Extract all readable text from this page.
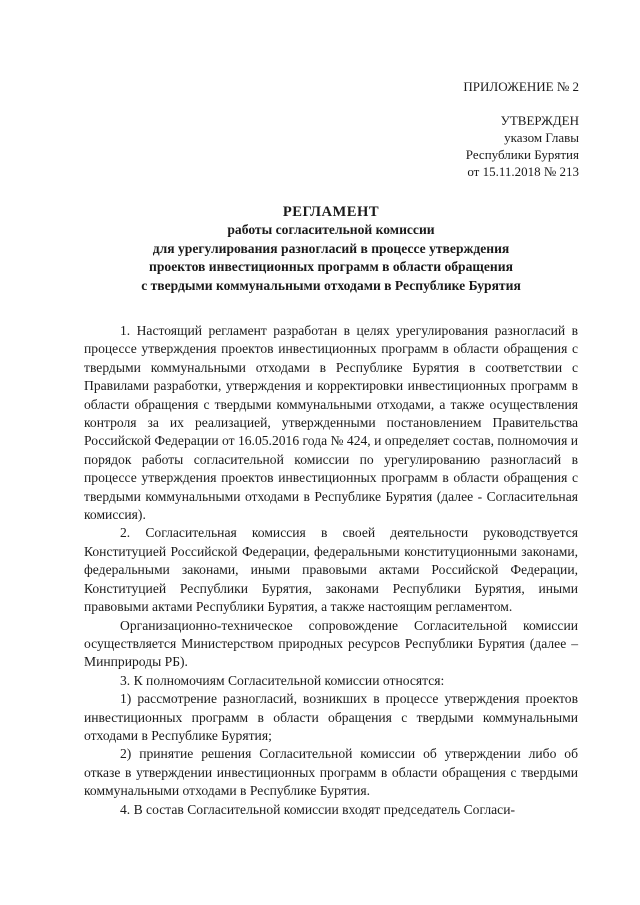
ПРИЛОЖЕНИЕ № 2
УТВЕРЖДЕН
указом Главы
Республики Бурятия
от 15.11.2018 № 213
РЕГЛАМЕНТ
работы согласительной комиссии
для урегулирования разногласий в процессе утверждения
проектов инвестиционных программ в области обращения
с твердыми коммунальными отходами в Республике Бурятия

1. Настоящий регламент разработан в целях урегулирования разногласий в процессе утверждения проектов инвестиционных программ в области обращения с твердыми коммунальными отходами в Республике Бурятия в соответствии с Правилами разработки, утверждения и корректировки инвестиционных программ в области обращения с твердыми коммунальными отходами, а также осуществления контроля за их реализацией, утвержденными постановлением Правительства Российской Федерации от 16.05.2016 года № 424, и определяет состав, полномочия и порядок работы согласительной комиссии по урегулированию разногласий в процессе утверждения проектов инвестиционных программ в области обращения с твердыми коммунальными отходами в Республике Бурятия (далее - Согласительная комиссия).

2. Согласительная комиссия в своей деятельности руководствуется Конституцией Российской Федерации, федеральными конституционными законами, федеральными законами, иными правовыми актами Российской Федерации, Конституцией Республики Бурятия, законами Республики Бурятия, иными правовыми актами Республики Бурятия, а также настоящим регламентом.

Организационно-техническое сопровождение Согласительной комиссии осуществляется Министерством природных ресурсов Республики Бурятия (далее – Минприроды РБ).

3. К полномочиям Согласительной комиссии относятся:

1) рассмотрение разногласий, возникших в процессе утверждения проектов инвестиционных программ в области обращения с твердыми коммунальными отходами в Республике Бурятия;

2) принятие решения Согласительной комиссии об утверждении либо об отказе в утверждении инвестиционных программ в области обращения с твердыми коммунальными отходами в Республике Бурятия.

4. В состав Согласительной комиссии входят председатель Согласи-
